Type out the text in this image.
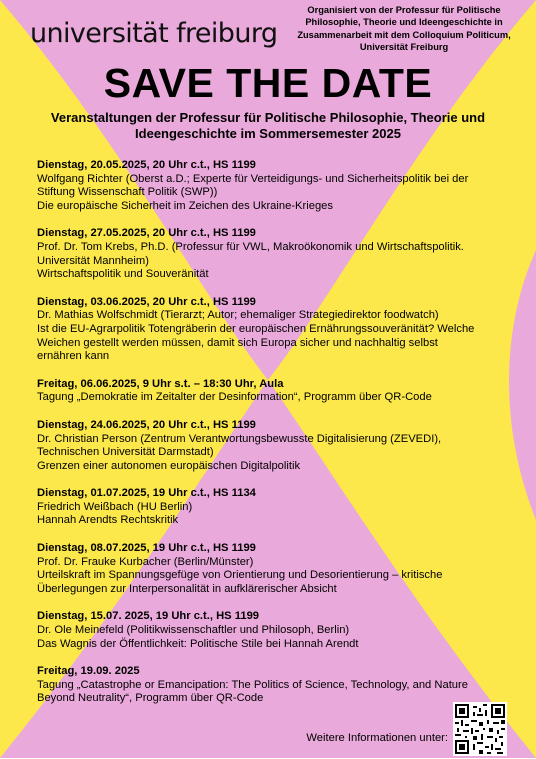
universität freiburg
Organisiert von der Professur für Politische
Philosophie, Theorie und Ideengeschichte in
Zusammenarbeit mit dem Colloquium Politicum,
Universität Freiburg
SAVE THE DATE
Veranstaltungen der Professur für Politische Philosophie, Theorie und
Ideengeschichte im Sommersemester 2025
Dienstag, 20.05.2025, 20 Uhr c.t., HS 1199
Wolfgang Richter (Oberst a.D.; Experte für Verteidigungs- und Sicherheitspolitik bei der
Stiftung Wissenschaft Politik (SWP))
Die europäische Sicherheit im Zeichen des Ukraine-Krieges
Dienstag, 27.05.2025, 20 Uhr c.t., HS 1199
Prof. Dr. Tom Krebs, Ph.D. (Professur für VWL, Makroökonomik und Wirtschaftspolitik.
Universität Mannheim)
Wirtschaftspolitik und Souveränität
Dienstag, 03.06.2025, 20 Uhr c.t., HS 1199
Dr. Mathias Wolfschmidt (Tierarzt; Autor; ehemaliger Strategiedirektor foodwatch)
Ist die EU-Agrarpolitik Totengräberin der europäischen Ernährungssouveränität? Welche
Weichen gestellt werden müssen, damit sich Europa sicher und nachhaltig selbst
ernähren kann
Freitag, 06.06.2025, 9 Uhr s.t. – 18:30 Uhr, Aula
Tagung „Demokratie im Zeitalter der Desinformation“, Programm über QR-Code
Dienstag, 24.06.2025, 20 Uhr c.t., HS 1199
Dr. Christian Person (Zentrum Verantwortungsbewusste Digitalisierung (ZEVEDI),
Technischen Universität Darmstadt)
Grenzen einer autonomen europäischen Digitalpolitik
Dienstag, 01.07.2025, 19 Uhr c.t., HS 1134
Friedrich Weißbach (HU Berlin)
Hannah Arendts Rechtskritik
Dienstag, 08.07.2025, 19 Uhr c.t., HS 1199
Prof. Dr. Frauke Kurbacher (Berlin/Münster)
Urteilskraft im Spannungsgefüge von Orientierung und Desorientierung – kritische
Überlegungen zur Interpersonalität in aufklärerischer Absicht
Dienstag, 15.07. 2025, 19 Uhr c.t., HS 1199
Dr. Ole Meinefeld (Politikwissenschaftler und Philosoph, Berlin)
Das Wagnis der Öffentlichkeit: Politische Stile bei Hannah Arendt
Freitag, 19.09. 2025
Tagung „Catastrophe or Emancipation: The Politics of Science, Technology, and Nature
Beyond Neutrality“, Programm über QR-Code
Weitere Informationen unter:
